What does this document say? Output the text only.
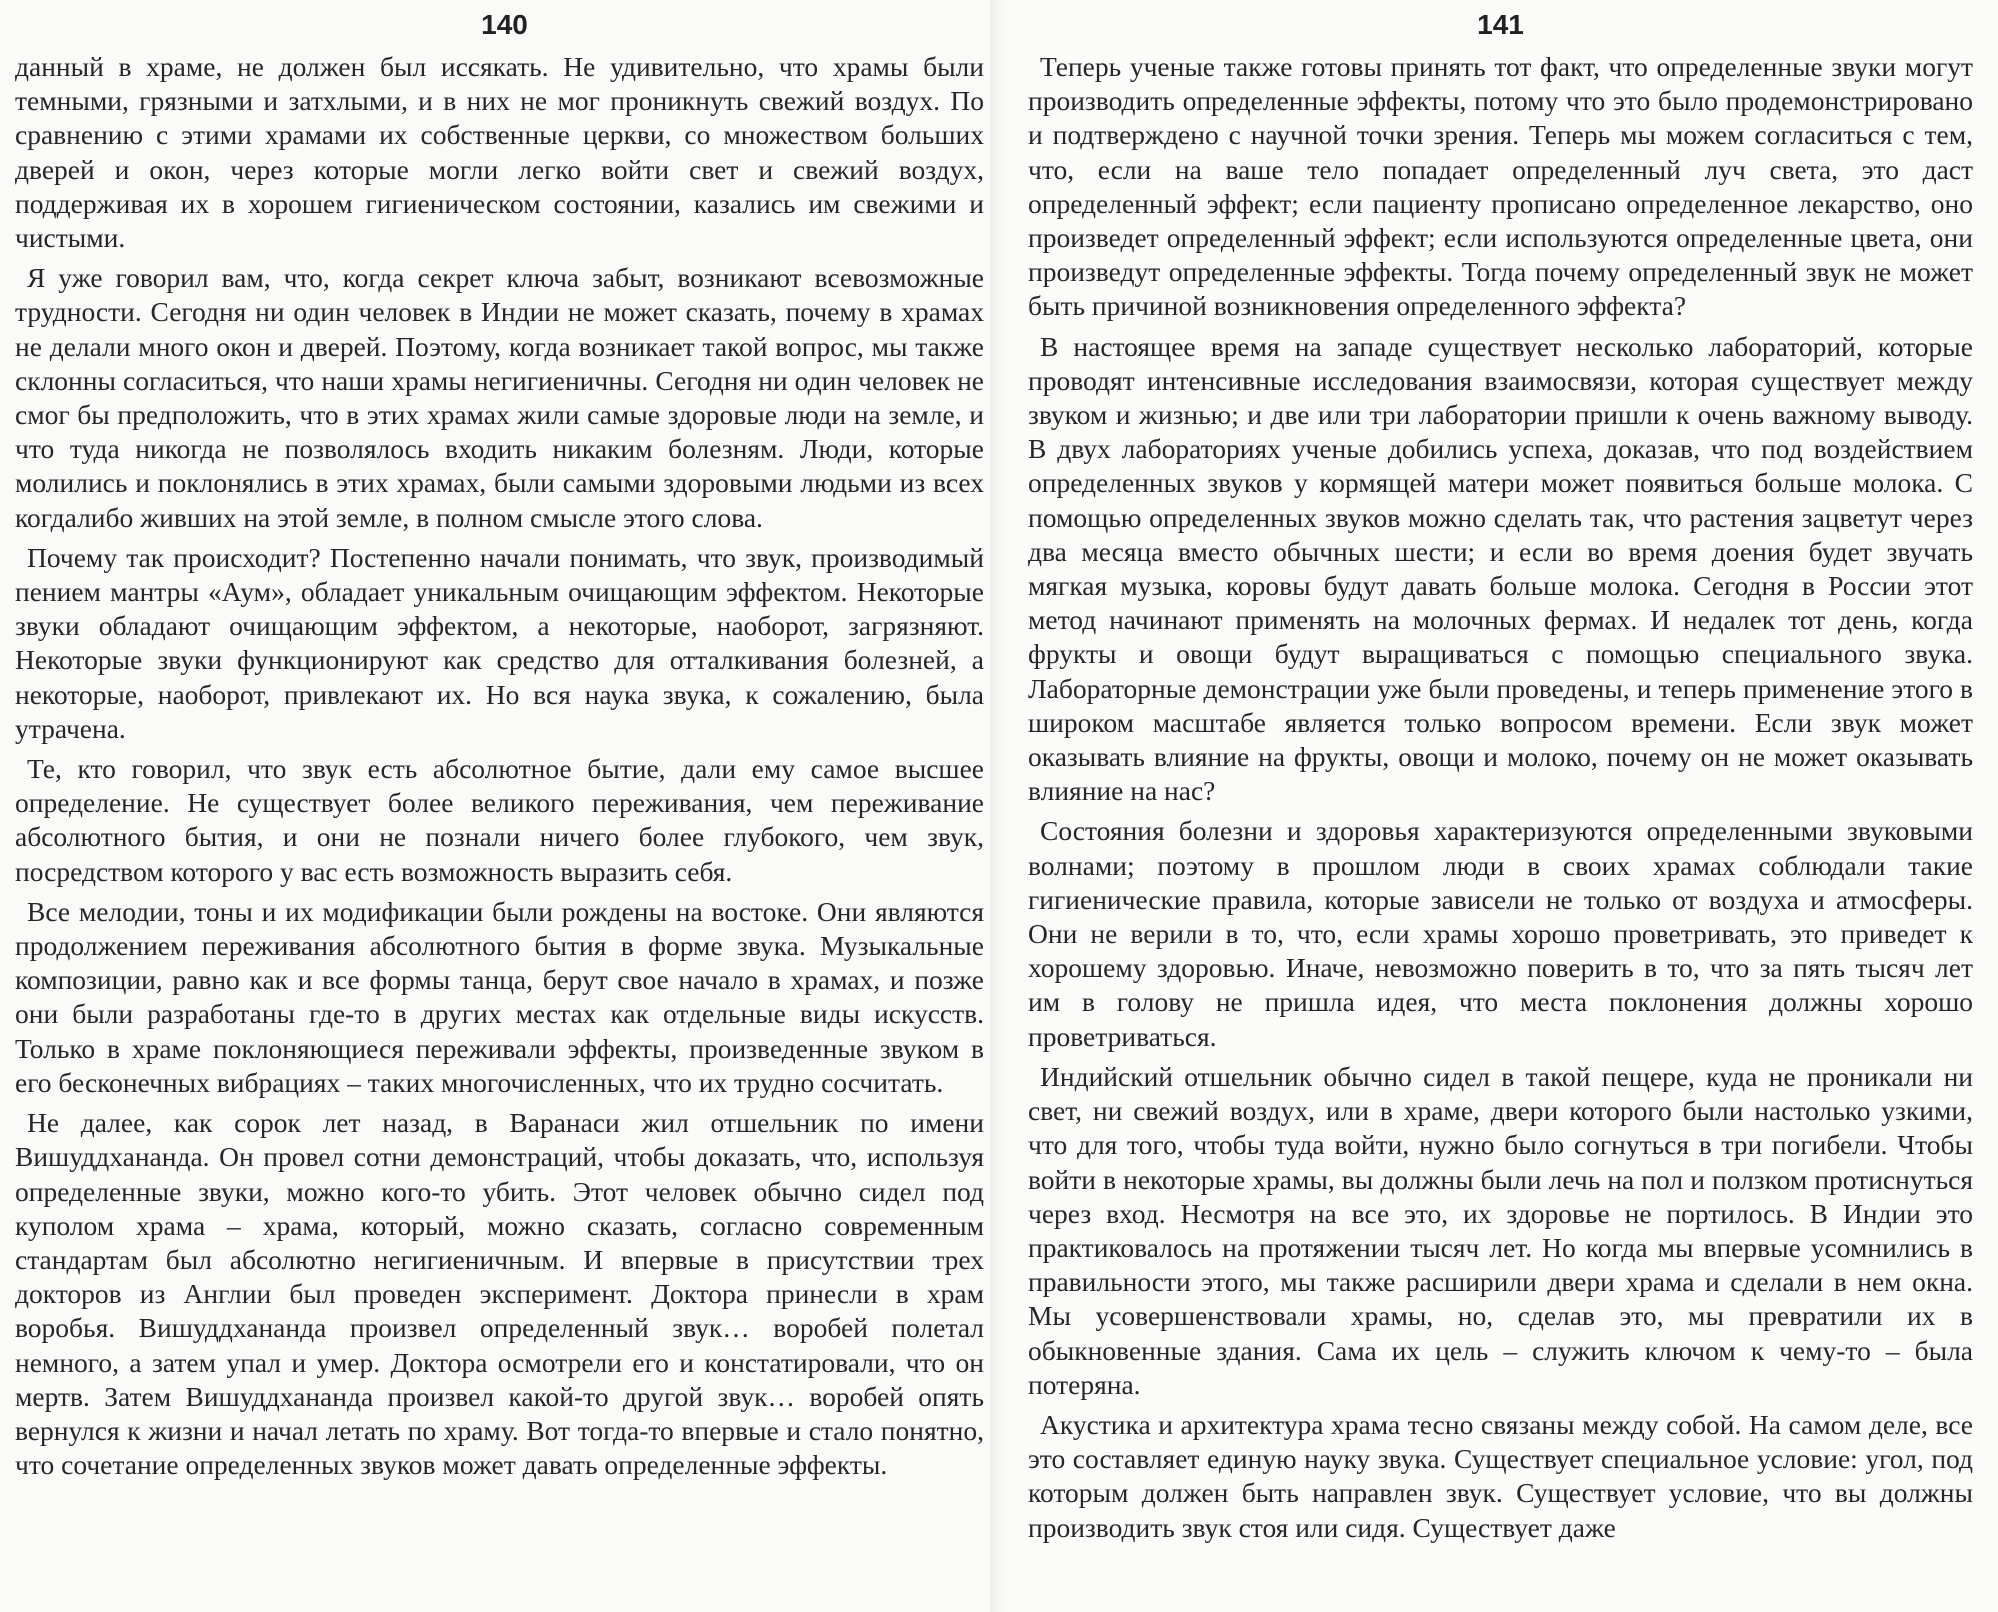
140

данный в храме, не должен был иссякать. Не удивительно, что храмы были темными, грязными и затхлыми, и в них не мог проникнуть свежий воздух. По сравнению с этими храмами их собственные церкви, со множеством больших дверей и окон, через которые могли легко войти свет и свежий воздух, поддерживая их в хорошем гигиеническом состоянии, казались им свежими и чистыми.

Я уже говорил вам, что, когда секрет ключа забыт, возникают всевозможные трудности. Сегодня ни один человек в Индии не может сказать, почему в храмах не делали много окон и дверей. Поэтому, когда возникает такой вопрос, мы также склонны согласиться, что наши храмы негигиеничны. Сегодня ни один человек не смог бы предположить, что в этих храмах жили самые здоровые люди на земле, и что туда никогда не позволялось входить никаким болезням. Люди, которые молились и поклонялись в этих храмах, были самыми здоровыми людьми из всех когдалибо живших на этой земле, в полном смысле этого слова.

Почему так происходит? Постепенно начали понимать, что звук, производимый пением мантры «Аум», обладает уникальным очищающим эффектом. Некоторые звуки обладают очищающим эффектом, а некоторые, наоборот, загрязняют. Некоторые звуки функционируют как средство для отталкивания болезней, а некоторые, наоборот, привлекают их. Но вся наука звука, к сожалению, была утрачена.

Те, кто говорил, что звук есть абсолютное бытие, дали ему самое высшее определение. Не существует более великого переживания, чем переживание абсолютного бытия, и они не познали ничего более глубокого, чем звук, посредством которого у вас есть возможность выразить себя.

Все мелодии, тоны и их модификации были рождены на востоке. Они являются продолжением переживания абсолютного бытия в форме звука. Музыкальные композиции, равно как и все формы танца, берут свое начало в храмах, и позже они были разработаны где-то в других местах как отдельные виды искусств. Только в храме поклоняющиеся переживали эффекты, произведенные звуком в его бесконечных вибрациях – таких многочисленных, что их трудно сосчитать.

Не далее, как сорок лет назад, в Варанаси жил отшельник по имени Вишуддхананда. Он провел сотни демонстраций, чтобы доказать, что, используя определенные звуки, можно кого-то убить. Этот человек обычно сидел под куполом храма – храма, который, можно сказать, согласно современным стандартам был абсолютно негигиеничным. И впервые в присутствии трех докторов из Англии был проведен эксперимент. Доктора принесли в храм воробья. Вишуддхананда произвел определенный звук… воробей полетал немного, а затем упал и умер. Доктора осмотрели его и констатировали, что он мертв. Затем Вишуддхананда произвел какой-то другой звук… воробей опять вернулся к жизни и начал летать по храму. Вот тогда-то впервые и стало понятно, что сочетание определенных звуков может давать определенные эффекты.

141

Теперь ученые также готовы принять тот факт, что определенные звуки могут производить определенные эффекты, потому что это было продемонстрировано и подтверждено с научной точки зрения. Теперь мы можем согласиться с тем, что, если на ваше тело попадает определенный луч света, это даст определенный эффект; если пациенту прописано определенное лекарство, оно произведет определенный эффект; если используются определенные цвета, они произведут определенные эффекты. Тогда почему определенный звук не может быть причиной возникновения определенного эффекта?

В настоящее время на западе существует несколько лабораторий, которые проводят интенсивные исследования взаимосвязи, которая существует между звуком и жизнью; и две или три лаборатории пришли к очень важному выводу. В двух лабораториях ученые добились успеха, доказав, что под воздействием определенных звуков у кормящей матери может появиться больше молока. С помощью определенных звуков можно сделать так, что растения зацветут через два месяца вместо обычных шести; и если во время доения будет звучать мягкая музыка, коровы будут давать больше молока. Сегодня в России этот метод начинают применять на молочных фермах. И недалек тот день, когда фрукты и овощи будут выращиваться с помощью специального звука. Лабораторные демонстрации уже были проведены, и теперь применение этого в широком масштабе является только вопросом времени. Если звук может оказывать влияние на фрукты, овощи и молоко, почему он не может оказывать влияние на нас?

Состояния болезни и здоровья характеризуются определенными звуковыми волнами; поэтому в прошлом люди в своих храмах соблюдали такие гигиенические правила, которые зависели не только от воздуха и атмосферы. Они не верили в то, что, если храмы хорошо проветривать, это приведет к хорошему здоровью. Иначе, невозможно поверить в то, что за пять тысяч лет им в голову не пришла идея, что места поклонения должны хорошо проветриваться.

Индийский отшельник обычно сидел в такой пещере, куда не проникали ни свет, ни свежий воздух, или в храме, двери которого были настолько узкими, что для того, чтобы туда войти, нужно было согнуться в три погибели. Чтобы войти в некоторые храмы, вы должны были лечь на пол и ползком протиснуться через вход. Несмотря на все это, их здоровье не портилось. В Индии это практиковалось на протяжении тысяч лет. Но когда мы впервые усомнились в правильности этого, мы также расширили двери храма и сделали в нем окна. Мы усовершенствовали храмы, но, сделав это, мы превратили их в обыкновенные здания. Сама их цель – служить ключом к чему-то – была потеряна.

Акустика и архитектура храма тесно связаны между собой. На самом деле, все это составляет единую науку звука. Существует специальное условие: угол, под которым должен быть направлен звук. Существует условие, что вы должны производить звук стоя или сидя. Существует даже
